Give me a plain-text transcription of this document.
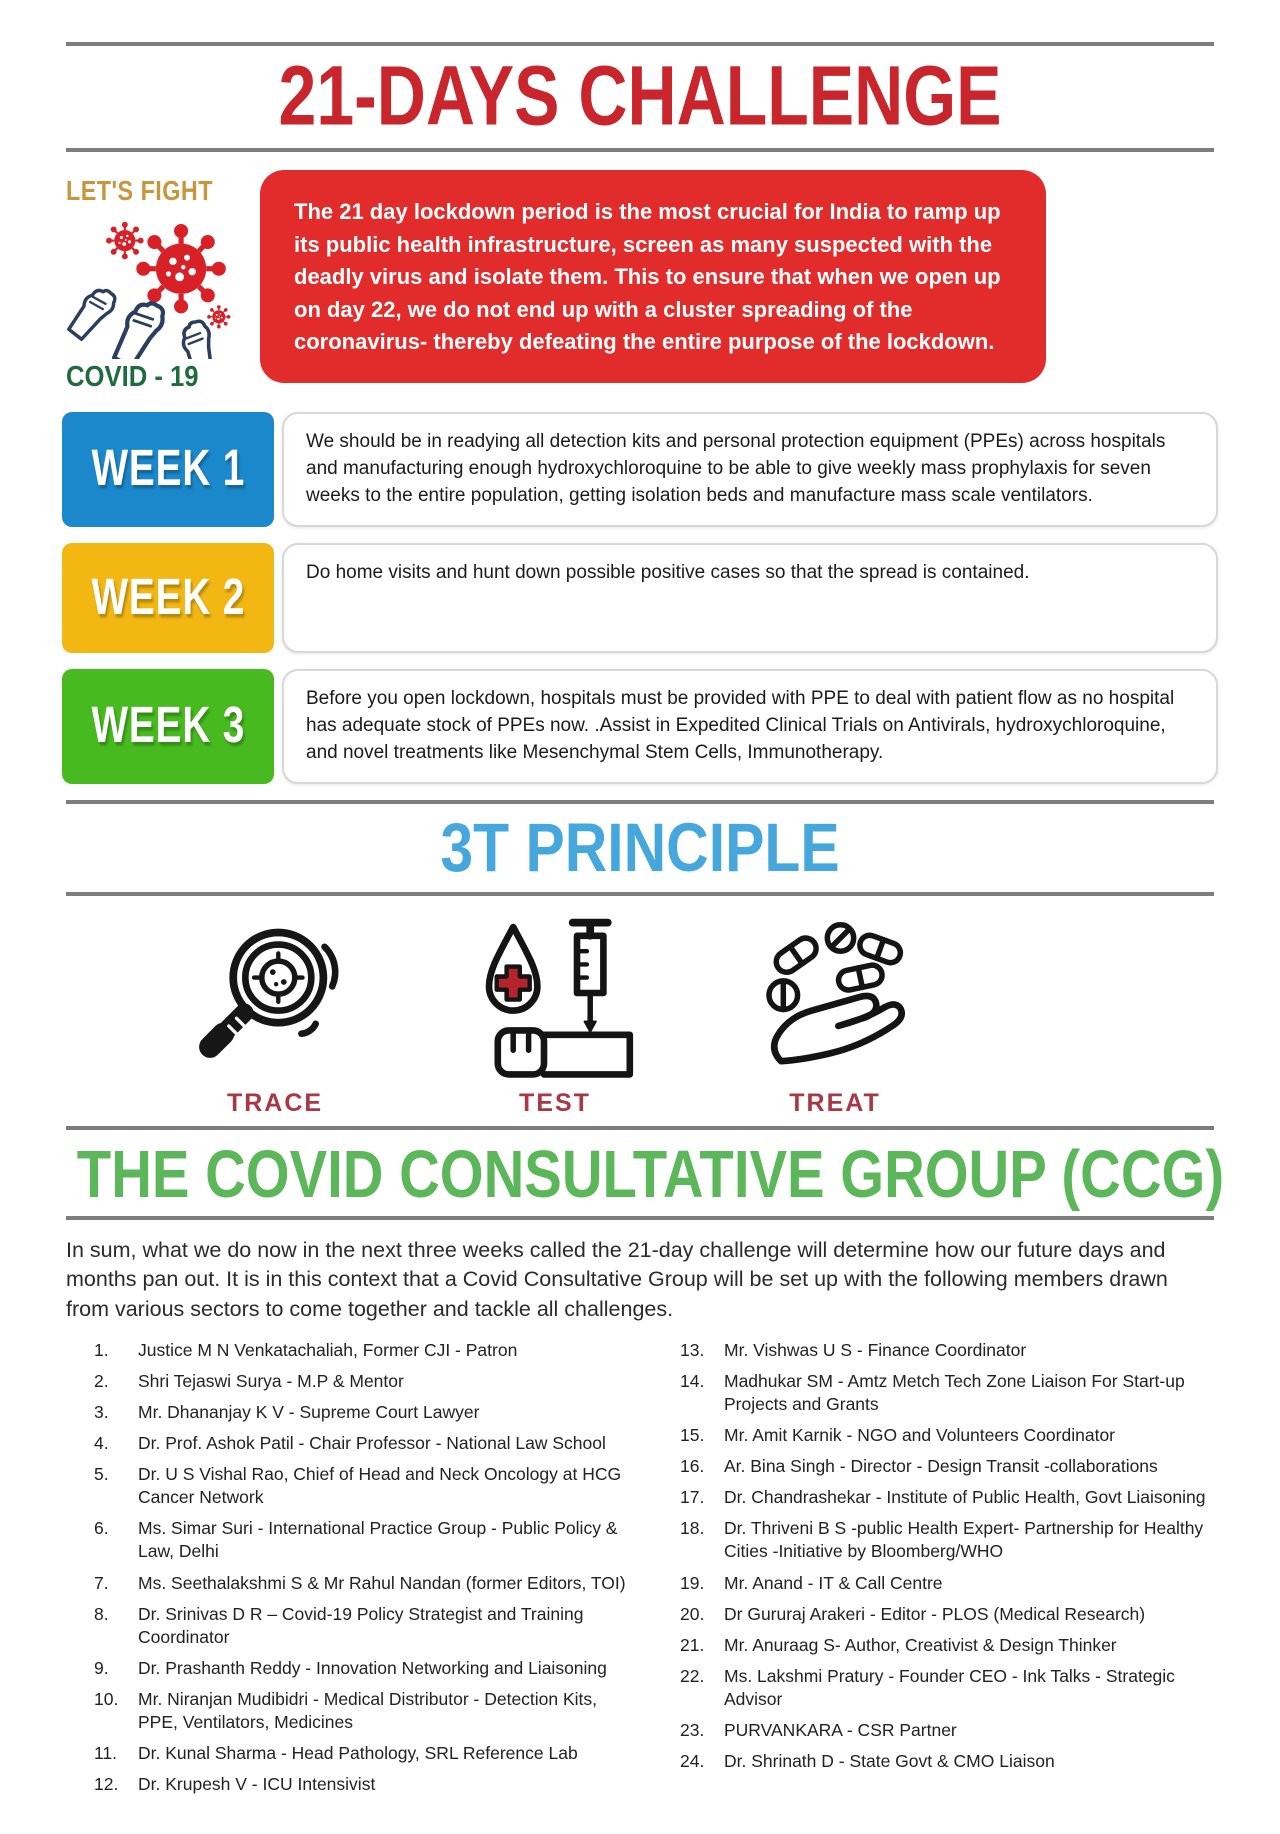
21-DAYS CHALLENGE
LET'S FIGHT
COVID - 19
The 21 day lockdown period is the most crucial for India to ramp up its public health infrastructure, screen as many suspected with the deadly virus and isolate them. This to ensure that when we open up on day 22, we do not end up with a cluster spreading of the coronavirus- thereby defeating the entire purpose of the lockdown.
WEEK 1	We should be in readying all detection kits and personal protection equipment (PPEs) across hospitals and manufacturing enough hydroxychloroquine to be able to give weekly mass prophylaxis for seven weeks to the entire population, getting isolation beds and manufacture mass scale ventilators.

WEEK 2	Do home visits and hunt down possible positive cases so that the spread is contained.

WEEK 3	Before you open lockdown, hospitals must be provided with PPE to deal with patient flow as no hospital has adequate stock of PPEs now. .Assist in Expedited Clinical Trials on Antivirals, hydroxychloroquine, and novel treatments like Mesenchymal Stem Cells, Immunotherapy.

3T PRINCIPLE
TRACE	TEST	TREAT
THE COVID CONSULTATIVE GROUP (CCG)

In sum, what we do now in the next three weeks called the 21-day challenge will determine how our future days and months pan out. It is in this context that a Covid Consultative Group will be set up with the following members drawn from various sectors to come together and tackle all challenges.

1.	Justice M N Venkatachaliah, Former CJI - Patron
2.	Shri Tejaswi Surya - M.P & Mentor
3.	Mr. Dhananjay K V - Supreme Court Lawyer
4.	Dr. Prof. Ashok Patil - Chair Professor - National Law School
5.	Dr. U S Vishal Rao, Chief of Head and Neck Oncology at HCG Cancer Network
6.	Ms. Simar Suri - International Practice Group - Public Policy & Law, Delhi
7.	Ms. Seethalakshmi S & Mr Rahul Nandan (former Editors, TOI)
8.	Dr. Srinivas D R – Covid-19 Policy Strategist and Training Coordinator
9.	Dr. Prashanth Reddy - Innovation Networking and Liaisoning
10.	Mr. Niranjan Mudibidri - Medical Distributor - Detection Kits, PPE, Ventilators, Medicines
11.	Dr. Kunal Sharma - Head Pathology, SRL Reference Lab
12.	Dr. Krupesh V - ICU Intensivist
13.	Mr. Vishwas U S - Finance Coordinator
14.	Madhukar SM - Amtz Metch Tech Zone Liaison For Start-up Projects and Grants
15.	Mr. Amit Karnik - NGO and Volunteers Coordinator
16.	Ar. Bina Singh - Director - Design Transit -collaborations
17.	Dr. Chandrashekar - Institute of Public Health, Govt Liaisoning
18.	Dr. Thriveni B S -public Health Expert- Partnership for Healthy Cities -Initiative by Bloomberg/WHO
19.	Mr. Anand - IT & Call Centre
20.	Dr Gururaj Arakeri - Editor - PLOS (Medical Research)
21.	Mr. Anuraag S- Author, Creativist & Design Thinker
22.	Ms. Lakshmi Pratury - Founder CEO - Ink Talks - Strategic Advisor
23.	PURVANKARA - CSR Partner
24.	Dr. Shrinath D - State Govt & CMO Liaison
